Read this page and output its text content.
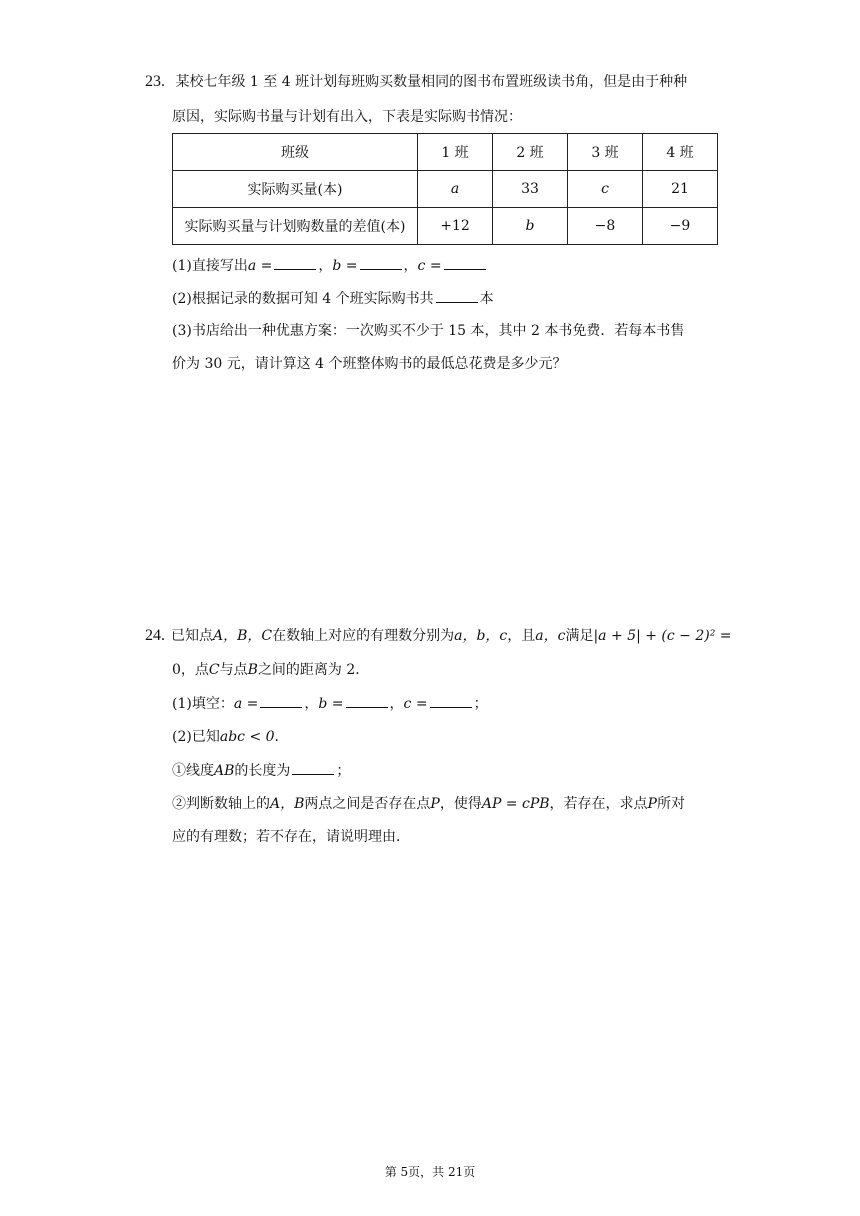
23. 某校七年级 1 至 4 班计划每班购买数量相同的图书布置班级读书角，但是由于种种
原因，实际购书量与计划有出入，下表是实际购书情况：
班级	1 班	2 班	3 班	4 班
实际购买量(本)	a	33	c	21
实际购买量与计划购数量的差值(本)	+12	b	−8	−9
(1)直接写出a =	，b =	，c =
(2)根据记录的数据可知 4 个班实际购书共	本
(3)书店给出一种优惠方案：一次购买不少于 15 本，其中 2 本书免费．若每本书售
价为 30 元，请计算这 4 个班整体购书的最低总花费是多少元？
24. 已知点A，B，C在数轴上对应的有理数分别为a，b，c，且a，c满足|a + 5| + (c − 2)² =
0，点C与点B之间的距离为 2．
(1)填空：a =	，b =	，c =	；
(2)已知abc < 0．
①线度AB的长度为	；
②判断数轴上的A，B两点之间是否存在点P，使得AP = cPB，若存在，求点P所对
应的有理数；若不存在，请说明理由．
第 5页，共 21页
